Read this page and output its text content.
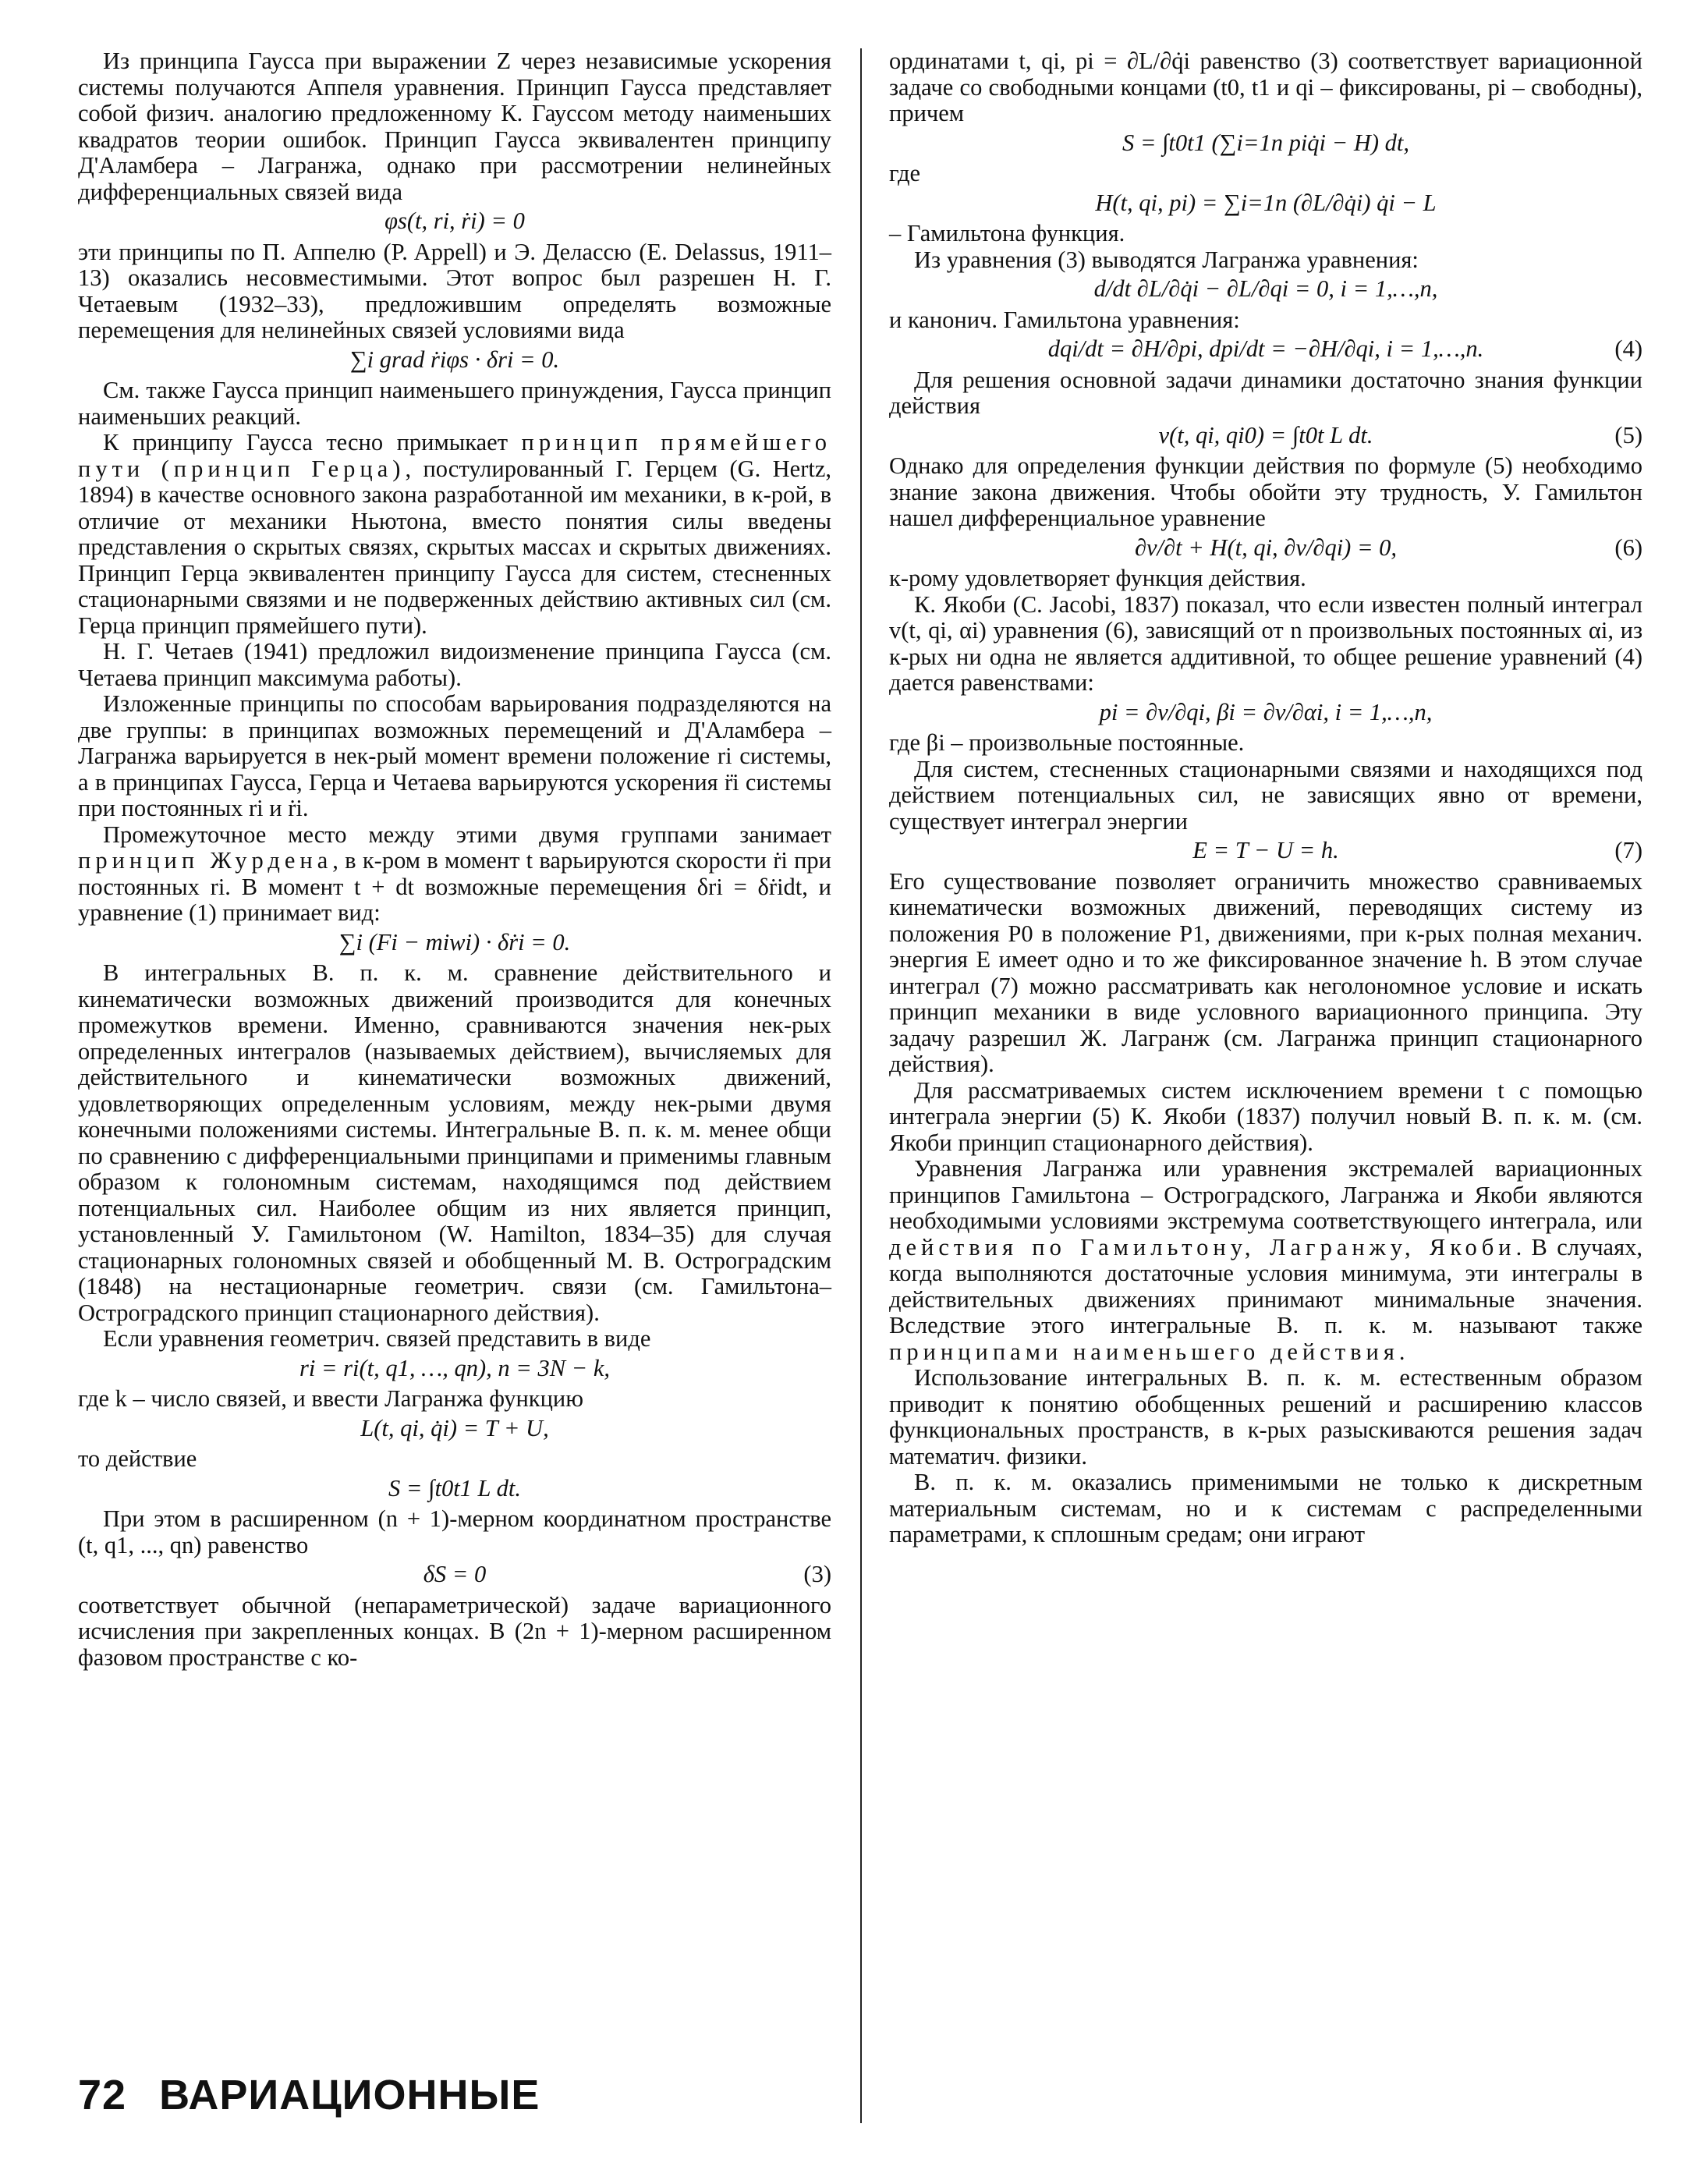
Из принципа Гаусса при выражении Z через независимые ускорения системы получаются Аппеля уравнения. Принцип Гаусса представляет собой физич. аналогию предложенному К. Гауссом методу наименьших квадратов теории ошибок. Принцип Гаусса эквивалентен принципу Д'Аламбера – Лагранжа, однако при рассмотрении нелинейных дифференциальных связей вида

φs(t, ri, ṙi) = 0

эти принципы по П. Аппелю (P. Appell) и Э. Делассю (E. Delassus, 1911–13) оказались несовместимыми. Этот вопрос был разрешен Н. Г. Четаевым (1932–33), предложившим определять возможные перемещения для нелинейных связей условиями вида

∑i grad ṙiφs · δri = 0.

См. также Гаусса принцип наименьшего принуждения, Гаусса принцип наименьших реакций.

К принципу Гаусса тесно примыкает принцип прямейшего пути (принцип Герца), постулированный Г. Герцем (G. Hertz, 1894) в качестве основного закона разработанной им механики, в к-рой, в отличие от механики Ньютона, вместо понятия силы введены представления о скрытых связях, скрытых массах и скрытых движениях. Принцип Герца эквивалентен принципу Гаусса для систем, стесненных стационарными связями и не подверженных действию активных сил (см. Герца принцип прямейшего пути).

Н. Г. Четаев (1941) предложил видоизменение принципа Гаусса (см. Четаева принцип максимума работы).

Изложенные принципы по способам варьирования подразделяются на две группы: в принципах возможных перемещений и Д'Аламбера – Лагранжа варьируется в нек-рый момент времени положение ri системы, а в принципах Гаусса, Герца и Четаева варьируются ускорения r̈i системы при постоянных ri и ṙi.

Промежуточное место между этими двумя группами занимает принцип Журдена, в к-ром в момент t варьируются скорости ṙi при постоянных ri. В момент t + dt возможные перемещения δri = δṙidt, и уравнение (1) принимает вид:

∑i (Fi − miwi) · δṙi = 0.

В интегральных В. п. к. м. сравнение действительного и кинематически возможных движений производится для конечных промежутков времени. Именно, сравниваются значения нек-рых определенных интегралов (называемых действием), вычисляемых для действительного и кинематически возможных движений, удовлетворяющих определенным условиям, между нек-рыми двумя конечными положениями системы. Интегральные В. п. к. м. менее общи по сравнению с дифференциальными принципами и применимы главным образом к голономным системам, находящимся под действием потенциальных сил. Наиболее общим из них является принцип, установленный У. Гамильтоном (W. Hamilton, 1834–35) для случая стационарных голономных связей и обобщенный М. В. Остроградским (1848) на нестационарные геометрич. связи (см. Гамильтона–Остроградского принцип стационарного действия).

Если уравнения геометрич. связей представить в виде

ri = ri(t, q1, …, qn), n = 3N − k,

где k – число связей, и ввести Лагранжа функцию

L(t, qi, q̇i) = T + U,

то действие

S = ∫t0t1 L dt.

При этом в расширенном (n + 1)-мерном координатном пространстве (t, q1, ..., qn) равенство

δS = 0	(3)

соответствует обычной (непараметрической) задаче вариационного исчисления при закрепленных концах. В (2n + 1)-мерном расширенном фазовом пространстве с ко-

ординатами t, qi, pi = ∂L/∂q̇i равенство (3) соответствует вариационной задаче со свободными концами (t0, t1 и qi – фиксированы, pi – свободны), причем

S = ∫t0t1 (∑i=1n piq̇i − H) dt,

где

H(t, qi, pi) = ∑i=1n (∂L/∂q̇i) q̇i − L

– Гамильтона функция.

Из уравнения (3) выводятся Лагранжа уравнения:

d/dt ∂L/∂q̇i − ∂L/∂qi = 0, i = 1,…,n,

и канонич. Гамильтона уравнения:

dqi/dt = ∂H/∂pi, dpi/dt = −∂H/∂qi, i = 1,…,n.	(4)

Для решения основной задачи динамики достаточно знания функции действия

v(t, qi, qi0) = ∫t0t L dt.	(5)

Однако для определения функции действия по формуле (5) необходимо знание закона движения. Чтобы обойти эту трудность, У. Гамильтон нашел дифференциальное уравнение

∂v/∂t + H(t, qi, ∂v/∂qi) = 0,	(6)

к-рому удовлетворяет функция действия.

К. Якоби (C. Jacobi, 1837) показал, что если известен полный интеграл v(t, qi, αi) уравнения (6), зависящий от n произвольных постоянных αi, из к-рых ни одна не является аддитивной, то общее решение уравнений (4) дается равенствами:

pi = ∂v/∂qi, βi = ∂v/∂αi, i = 1,…,n,

где βi – произвольные постоянные.

Для систем, стесненных стационарными связями и находящихся под действием потенциальных сил, не зависящих явно от времени, существует интеграл энергии

E = T − U = h.	(7)

Его существование позволяет ограничить множество сравниваемых кинематически возможных движений, переводящих систему из положения P0 в положение P1, движениями, при к-рых полная механич. энергия E имеет одно и то же фиксированное значение h. В этом случае интеграл (7) можно рассматривать как неголономное условие и искать принцип механики в виде условного вариационного принципа. Эту задачу разрешил Ж. Лагранж (см. Лагранжа принцип стационарного действия).

Для рассматриваемых систем исключением времени t с помощью интеграла энергии (5) К. Якоби (1837) получил новый В. п. к. м. (см. Якоби принцип стационарного действия).

Уравнения Лагранжа или уравнения экстремалей вариационных принципов Гамильтона – Остроградского, Лагранжа и Якоби являются необходимыми условиями экстремума соответствующего интеграла, или действия по Гамильтону, Лагранжу, Якоби. В случаях, когда выполняются достаточные условия минимума, эти интегралы в действительных движениях принимают минимальные значения. Вследствие этого интегральные В. п. к. м. называют также принципами наименьшего действия.

Использование интегральных В. п. к. м. естественным образом приводит к понятию обобщенных решений и расширению классов функциональных пространств, в к-рых разыскиваются решения задач математич. физики.

В. п. к. м. оказались применимыми не только к дискретным материальным системам, но и к системам с распределенными параметрами, к сплошным средам; они играют

72 ВАРИАЦИОННЫЕ
